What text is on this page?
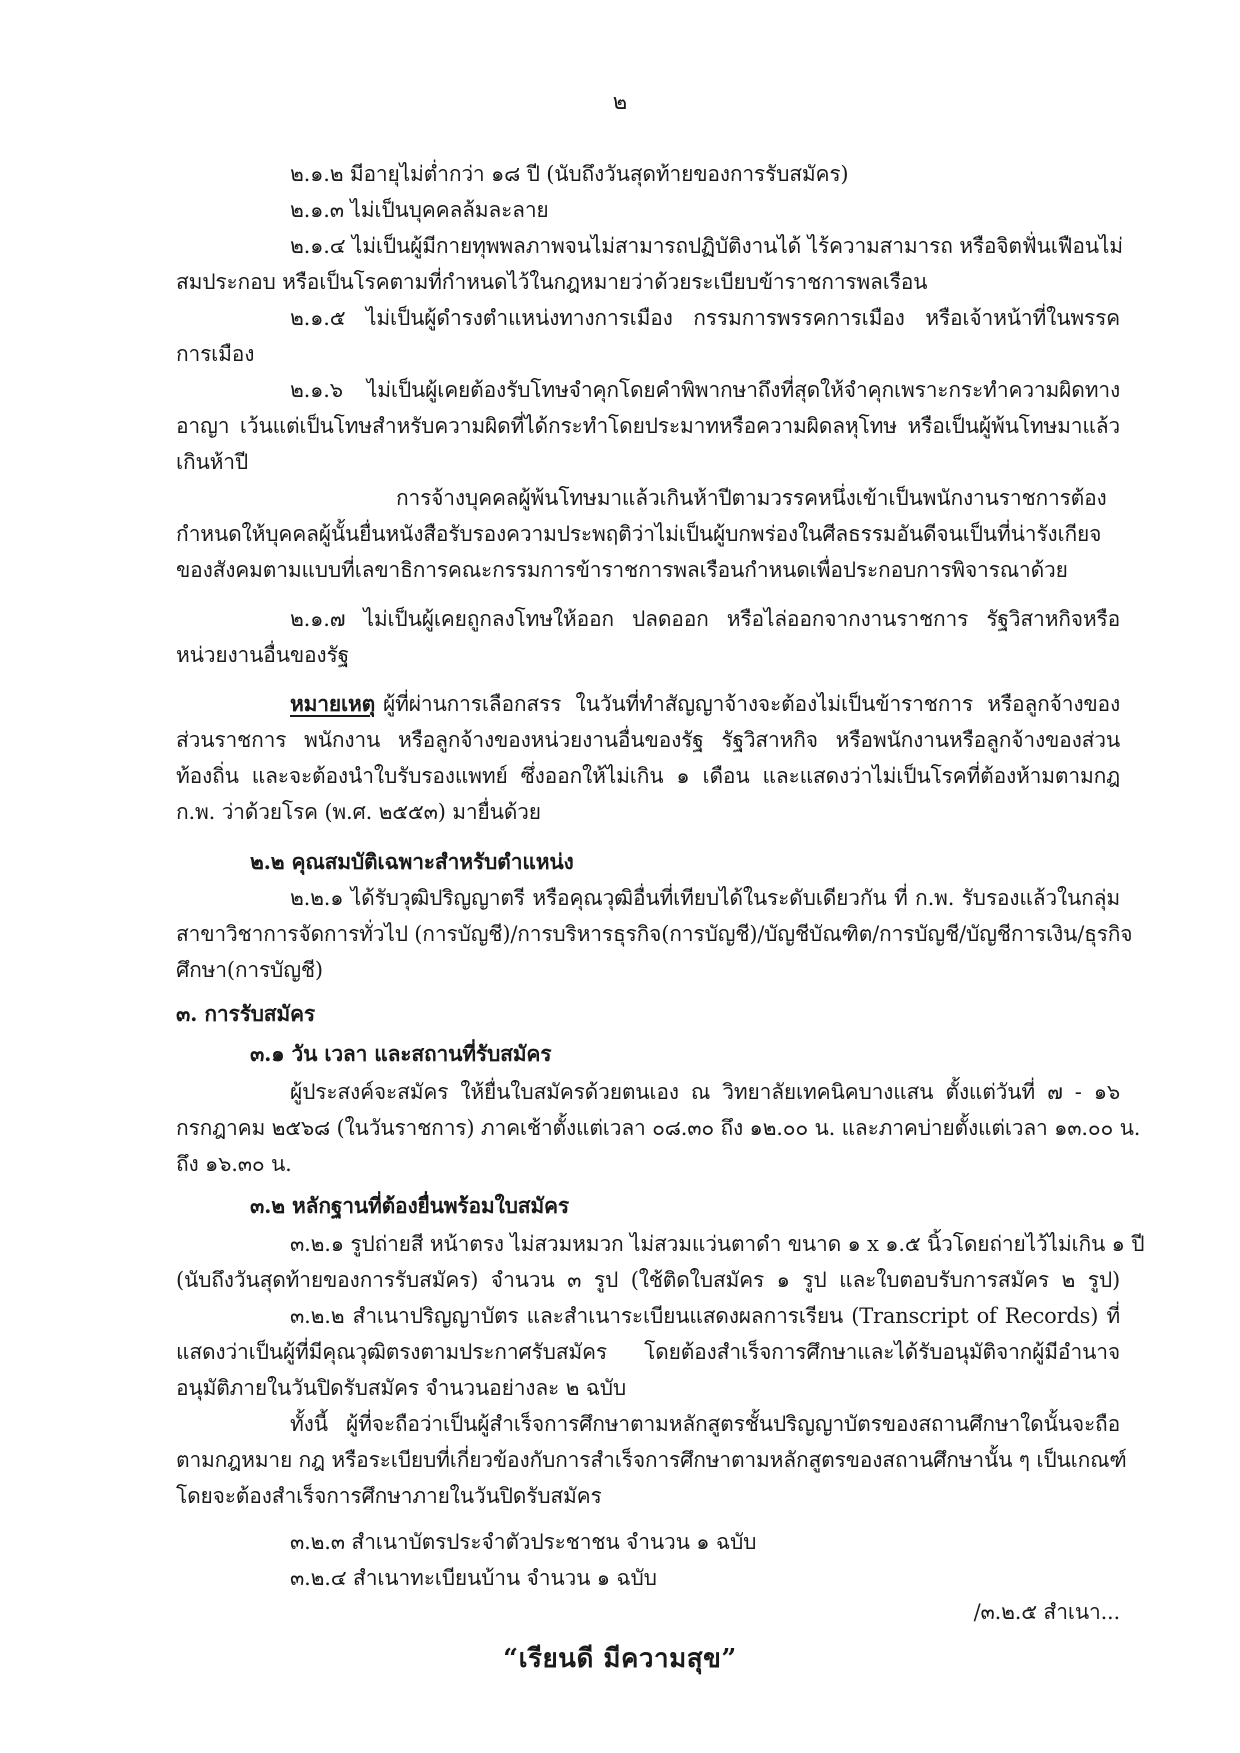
๒
๒.๑.๒ มีอายุไม่ต่ำกว่า ๑๘ ปี (นับถึงวันสุดท้ายของการรับสมัคร)
๒.๑.๓ ไม่เป็นบุคคลล้มละลาย
๒.๑.๔ ไม่เป็นผู้มีกายทุพพลภาพจนไม่สามารถปฏิบัติงานได้ ไร้ความสามารถ หรือจิตฟั่นเฟือนไม่
สมประกอบ หรือเป็นโรคตามที่กำหนดไว้ในกฎหมายว่าด้วยระเบียบข้าราชการพลเรือน
๒.๑.๕ ไม่เป็นผู้ดำรงตำแหน่งทางการเมือง กรรมการพรรคการเมือง หรือเจ้าหน้าที่ในพรรค
การเมือง
๒.๑.๖ ไม่เป็นผู้เคยต้องรับโทษจำคุกโดยคำพิพากษาถึงที่สุดให้จำคุกเพราะกระทำความผิดทาง
อาญา เว้นแต่เป็นโทษสำหรับความผิดที่ได้กระทำโดยประมาทหรือความผิดลหุโทษ หรือเป็นผู้พ้นโทษมาแล้ว
เกินห้าปี
การจ้างบุคคลผู้พ้นโทษมาแล้วเกินห้าปีตามวรรคหนึ่งเข้าเป็นพนักงานราชการต้อง
กำหนดให้บุคคลผู้นั้นยื่นหนังสือรับรองความประพฤติว่าไม่เป็นผู้บกพร่องในศีลธรรมอันดีจนเป็นที่น่ารังเกียจ
ของสังคมตามแบบที่เลขาธิการคณะกรรมการข้าราชการพลเรือนกำหนดเพื่อประกอบการพิจารณาด้วย
๒.๑.๗ ไม่เป็นผู้เคยถูกลงโทษให้ออก ปลดออก หรือไล่ออกจากงานราชการ รัฐวิสาหกิจหรือ
หน่วยงานอื่นของรัฐ
หมายเหตุ ผู้ที่ผ่านการเลือกสรร ในวันที่ทำสัญญาจ้างจะต้องไม่เป็นข้าราชการ หรือลูกจ้างของ
ส่วนราชการ พนักงาน หรือลูกจ้างของหน่วยงานอื่นของรัฐ รัฐวิสาหกิจ หรือพนักงานหรือลูกจ้างของส่วน
ท้องถิ่น และจะต้องนำใบรับรองแพทย์ ซึ่งออกให้ไม่เกิน ๑ เดือน และแสดงว่าไม่เป็นโรคที่ต้องห้ามตามกฎ
ก.พ. ว่าด้วยโรค (พ.ศ. ๒๕๕๓) มายื่นด้วย
๒.๒ คุณสมบัติเฉพาะสำหรับตำแหน่ง
๒.๒.๑ ได้รับวุฒิปริญญาตรี หรือคุณวุฒิอื่นที่เทียบได้ในระดับเดียวกัน ที่ ก.พ. รับรองแล้วในกลุ่ม
สาขาวิชาการจัดการทั่วไป (การบัญชี)/การบริหารธุรกิจ(การบัญชี)/บัญชีบัณฑิต/การบัญชี/บัญชีการเงิน/ธุรกิจ
ศึกษา(การบัญชี)
๓. การรับสมัคร
๓.๑ วัน เวลา และสถานที่รับสมัคร
ผู้ประสงค์จะสมัคร ให้ยื่นใบสมัครด้วยตนเอง ณ วิทยาลัยเทคนิคบางแสน ตั้งแต่วันที่ ๗ - ๑๖
กรกฎาคม ๒๕๖๘ (ในวันราชการ) ภาคเช้าตั้งแต่เวลา ๐๘.๓๐ ถึง ๑๒.๐๐ น. และภาคบ่ายตั้งแต่เวลา ๑๓.๐๐ น.
ถึง ๑๖.๓๐ น.
๓.๒ หลักฐานที่ต้องยื่นพร้อมใบสมัคร
๓.๒.๑ รูปถ่ายสี หน้าตรง ไม่สวมหมวก ไม่สวมแว่นตาดำ ขนาด ๑ x ๑.๕ นิ้วโดยถ่ายไว้ไม่เกิน ๑ ปี
(นับถึงวันสุดท้ายของการรับสมัคร) จำนวน ๓ รูป (ใช้ติดใบสมัคร ๑ รูป และใบตอบรับการสมัคร ๒ รูป)
๓.๒.๒ สำเนาปริญญาบัตร และสำเนาระเบียนแสดงผลการเรียน (Transcript of Records) ที่
แสดงว่าเป็นผู้ที่มีคุณวุฒิตรงตามประกาศรับสมัคร โดยต้องสำเร็จการศึกษาและได้รับอนุมัติจากผู้มีอำนาจ
อนุมัติภายในวันปิดรับสมัคร จำนวนอย่างละ ๒ ฉบับ
ทั้งนี้ ผู้ที่จะถือว่าเป็นผู้สำเร็จการศึกษาตามหลักสูตรชั้นปริญญาบัตรของสถานศึกษาใดนั้นจะถือ
ตามกฎหมาย กฎ หรือระเบียบที่เกี่ยวข้องกับการสำเร็จการศึกษาตามหลักสูตรของสถานศึกษานั้น ๆ เป็นเกณฑ์
โดยจะต้องสำเร็จการศึกษาภายในวันปิดรับสมัคร
๓.๒.๓ สำเนาบัตรประจำตัวประชาชน จำนวน ๑ ฉบับ
๓.๒.๔ สำเนาทะเบียนบ้าน จำนวน ๑ ฉบับ
/๓.๒.๕ สำเนา...
“เรียนดี มีความสุข”
